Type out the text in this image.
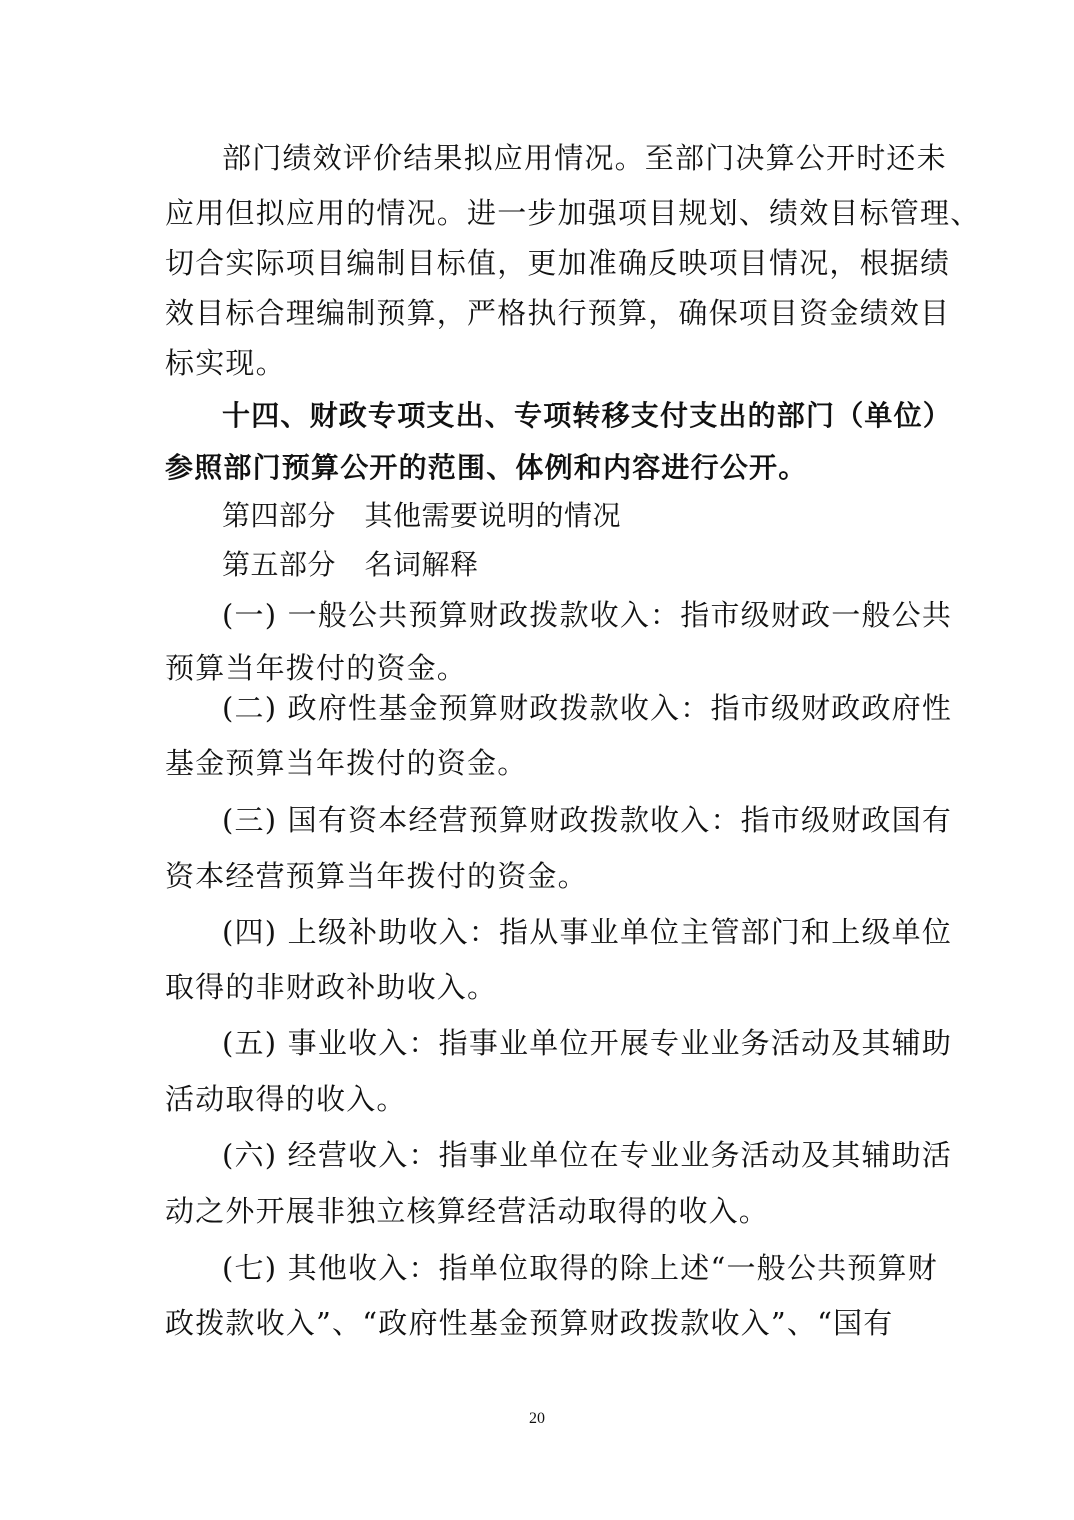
部门绩效评价结果拟应用情况。至部门决算公开时还未
应用但拟应用的情况。进一步加强项目规划、绩效目标管理、
切合实际项目编制目标值，更加准确反映项目情况，根据绩
效目标合理编制预算，严格执行预算，确保项目资金绩效目
标实现。
十四、财政专项支出、专项转移支付支出的部门（单位）
参照部门预算公开的范围、体例和内容进行公开。
第四部分　其他需要说明的情况
第五部分　名词解释
(一) 一般公共预算财政拨款收入：指市级财政一般公共
预算当年拨付的资金。
(二) 政府性基金预算财政拨款收入：指市级财政政府性
基金预算当年拨付的资金。
(三) 国有资本经营预算财政拨款收入：指市级财政国有
资本经营预算当年拨付的资金。
(四) 上级补助收入：指从事业单位主管部门和上级单位
取得的非财政补助收入。
(五) 事业收入：指事业单位开展专业业务活动及其辅助
活动取得的收入。
(六) 经营收入：指事业单位在专业业务活动及其辅助活
动之外开展非独立核算经营活动取得的收入。
(七) 其他收入：指单位取得的除上述“一般公共预算财
政拨款收入”、“政府性基金预算财政拨款收入”、“国有
20
